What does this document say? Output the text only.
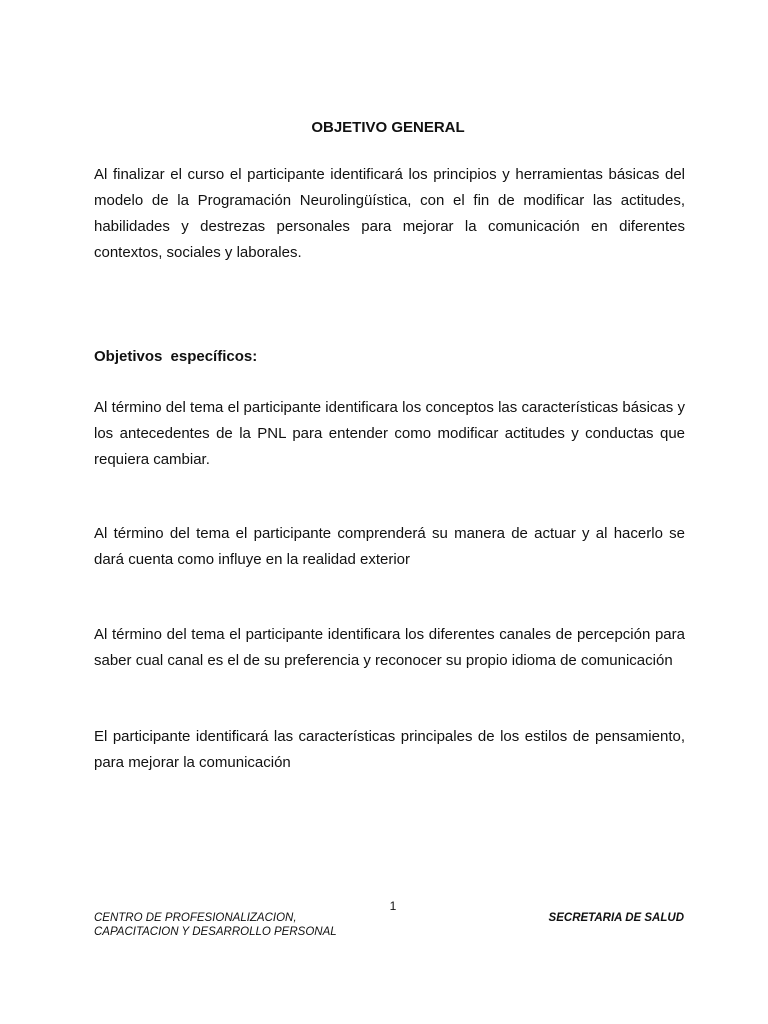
OBJETIVO GENERAL

Al finalizar el curso el participante identificará los principios y herramientas básicas del modelo de la Programación Neurolingüística, con el fin de modificar las actitudes, habilidades y destrezas personales para mejorar la comunicación en diferentes contextos, sociales y laborales.

Objetivos específicos:

Al término del tema el participante identificara los conceptos las características básicas y los antecedentes de la PNL para entender como modificar actitudes y conductas que requiera cambiar.

Al término del tema el participante comprenderá su manera de actuar y al hacerlo se dará cuenta como influye en la realidad exterior

Al término del tema el participante identificara los diferentes canales de percepción para saber cual canal es el de su preferencia y reconocer su propio idioma de comunicación

El participante identificará las características principales de los estilos de pensamiento, para mejorar la comunicación

1
CENTRO DE PROFESIONALIZACION,
CAPACITACION Y DESARROLLO PERSONAL
SECRETARIA DE SALUD
